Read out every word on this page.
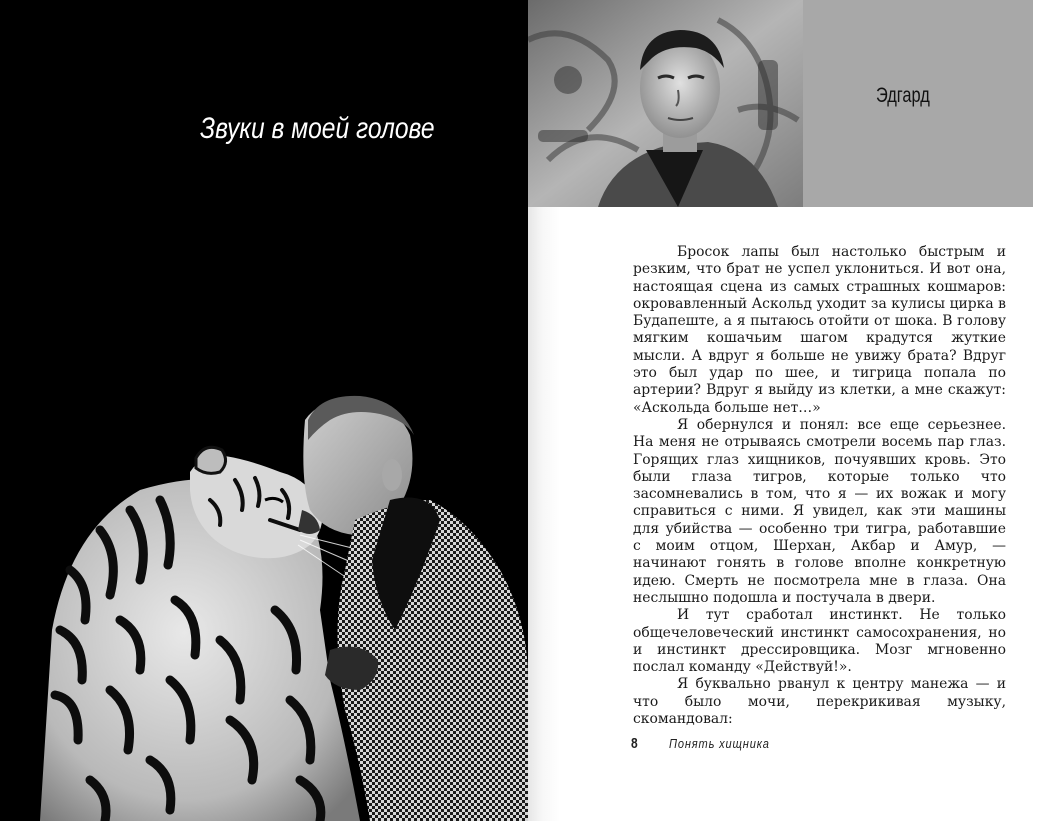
Звуки в моей голове
Эдгард

Бросок лапы был настолько быстрым и резким, что брат не успел уклониться. И вот она, настоящая сцена из самых страшных кошмаров: окровавленный Аскольд уходит за кулисы цирка в Будапеште, а я пытаюсь отойти от шока. В голову мягким кошачьим шагом крадутся жуткие мысли. А вдруг я больше не увижу брата? Вдруг это был удар по шее, и тигрица попала по артерии? Вдруг я выйду из клетки, а мне скажут: «Аскольда больше нет…»

Я обернулся и понял: все еще серьезнее. На меня не отрываясь смотрели восемь пар глаз. Горящих глаз хищников, почуявших кровь. Это были глаза тигров, которые только что засомневались в том, что я — их вожак и могу справиться с ними. Я увидел, как эти машины для убийства — особенно три тигра, работавшие с моим отцом, Шерхан, Акбар и Амур, — начинают гонять в голове вполне конкретную идею. Смерть не посмотрела мне в глаза. Она неслышно подошла и постучала в двери.

И тут сработал инстинкт. Не только общечеловеческий инстинкт самосохранения, но и инстинкт дрессировщика. Мозг мгновенно послал команду «Действуй!».

Я буквально рванул к центру манежа — и что было мочи, перекрикивая музыку, скомандовал:

8 Понять хищника
